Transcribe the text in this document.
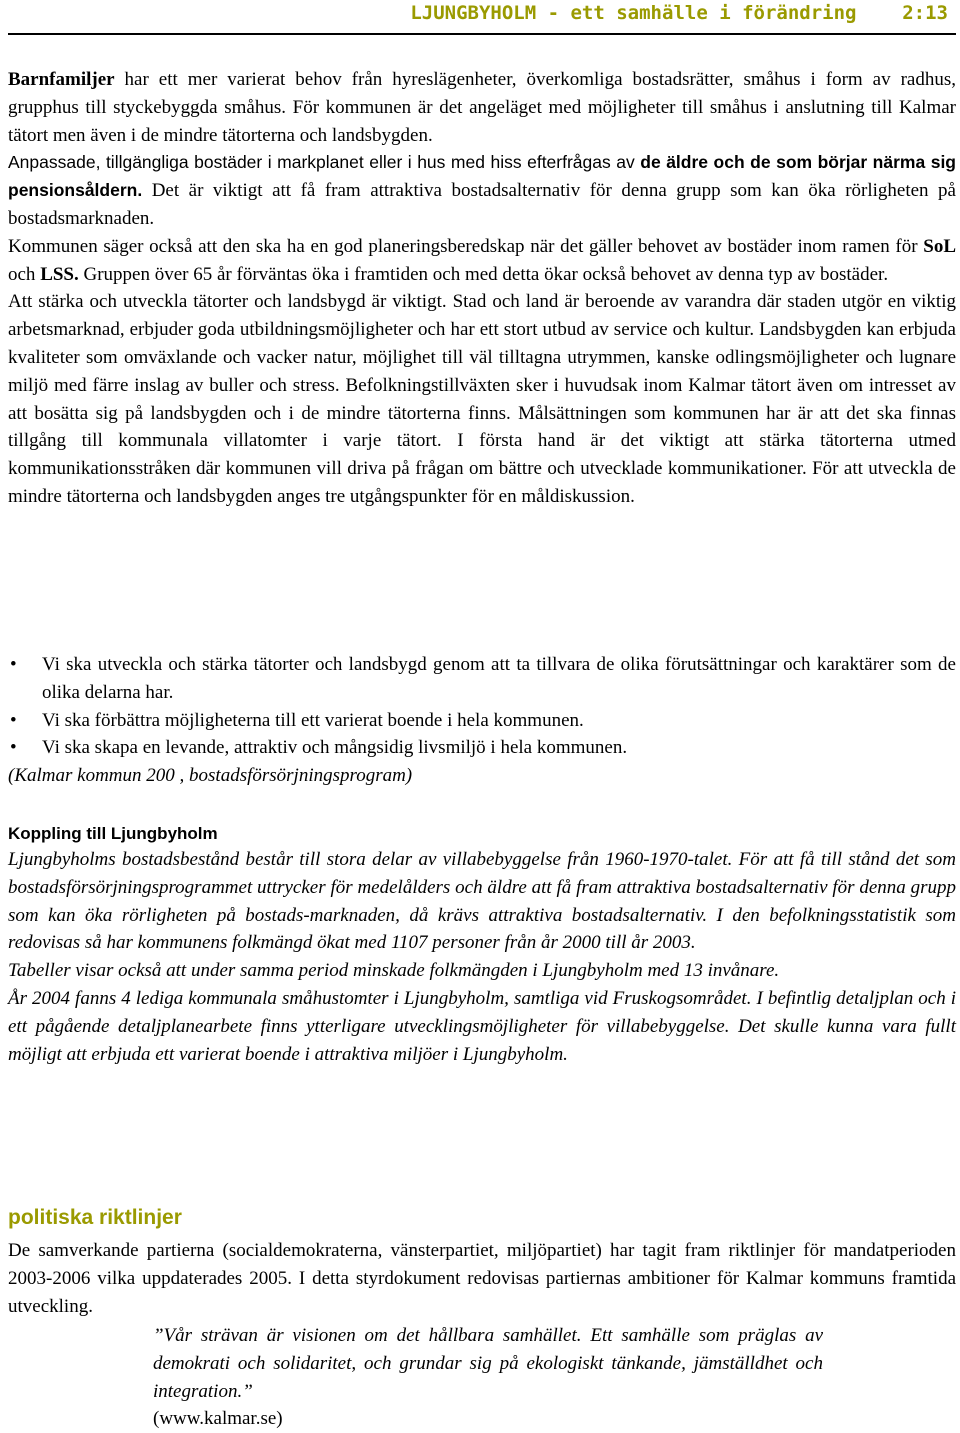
LJUNGBYHOLM - ett samhälle i förändring 2:13

Barnfamiljer har ett mer varierat behov från hyreslägenheter, överkomliga bostadsrätter, småhus i form av radhus, grupphus till styckebyggda småhus. För kommunen är det angeläget med möjligheter till småhus i anslutning till Kalmar tätort men även i de mindre tätorterna och landsbygden.

Anpassade, tillgängliga bostäder i markplanet eller i hus med hiss efterfrågas av de äldre och de som börjar närma sig pensionsåldern. Det är viktigt att få fram attraktiva bostadsalternativ för denna grupp som kan öka rörligheten på bostadsmarknaden.

Kommunen säger också att den ska ha en god planeringsberedskap när det gäller behovet av bostäder inom ramen för SoL och LSS. Gruppen över 65 år förväntas öka i framtiden och med detta ökar också behovet av denna typ av bostäder.

Att stärka och utveckla tätorter och landsbygd är viktigt. Stad och land är beroende av varandra där staden utgör en viktig arbetsmarknad, erbjuder goda utbildningsmöjligheter och har ett stort utbud av service och kultur. Landsbygden kan erbjuda kvaliteter som omväxlande och vacker natur, möjlighet till väl tilltagna utrymmen, kanske odlingsmöjligheter och lugnare miljö med färre inslag av buller och stress. Befolkningstillväxten sker i huvudsak inom Kalmar tätort även om intresset av att bosätta sig på landsbygden och i de mindre tätorterna finns. Målsättningen som kommunen har är att det ska finnas tillgång till kommunala villatomter i varje tätort. I första hand är det viktigt att stärka tätorterna utmed kommunikationsstråken där kommunen vill driva på frågan om bättre och utvecklade kommunikationer. För att utveckla de mindre tätorterna och landsbygden anges tre utgångspunkter för en måldiskussion.

• Vi ska utveckla och stärka tätorter och landsbygd genom att ta tillvara de olika förutsättningar och karaktärer som de olika delarna har.
• Vi ska förbättra möjligheterna till ett varierat boende i hela kommunen.
• Vi ska skapa en levande, attraktiv och mångsidig livsmiljö i hela kommunen.

(Kalmar kommun 200 , bostadsförsörjningsprogram)

Koppling till Ljungbyholm

Ljungbyholms bostadsbestånd består till stora delar av villabebyggelse från 1960-1970-talet. För att få till stånd det som bostadsförsörjningsprogrammet uttrycker för medelålders och äldre att få fram attraktiva bostadsalternativ för denna grupp som kan öka rörligheten på bostads-marknaden, då krävs attraktiva bostadsalternativ. I den befolkningsstatistik som redovisas så har kommunens folkmängd ökat med 1107 personer från år 2000 till år 2003.

Tabeller visar också att under samma period minskade folkmängden i Ljungbyholm med 13 invånare.

År 2004 fanns 4 lediga kommunala småhustomter i Ljungbyholm, samtliga vid Fruskogsområdet. I befintlig detaljplan och i ett pågående detaljplanearbete finns ytterligare utvecklingsmöjligheter för villabebyggelse. Det skulle kunna vara fullt möjligt att erbjuda ett varierat boende i attraktiva miljöer i Ljungbyholm.

politiska riktlinjer

De samverkande partierna (socialdemokraterna, vänsterpartiet, miljöpartiet) har tagit fram riktlinjer för mandatperioden 2003-2006 vilka uppdaterades 2005. I detta styrdokument redovisas partiernas ambitioner för Kalmar kommuns framtida utveckling.

”Vår strävan är visionen om det hållbara samhället. Ett samhälle som präglas av demokrati och solidaritet, och grundar sig på ekologiskt tänkande, jämställdhet och integration.”

(www.kalmar.se)
